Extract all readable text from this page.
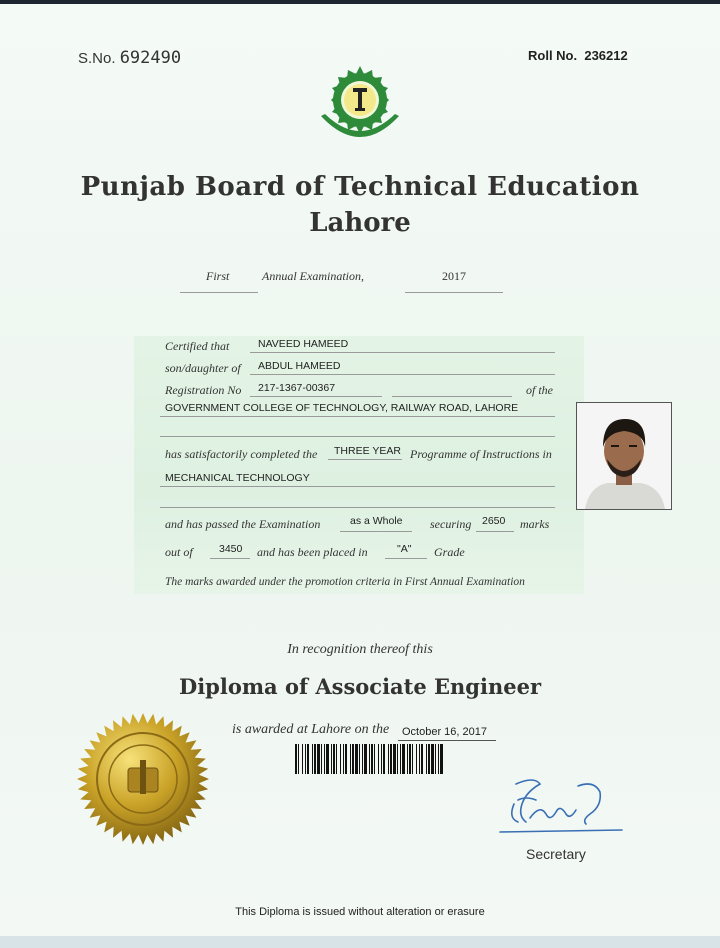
S.No. 692490	Roll No. 236212
Punjab Board of Technical Education
Lahore
First	Annual Examination,	2017
Certified that	NAVEED HAMEED
son/daughter of ABDUL HAMEED
Registration No 217-1367-00367	of the
GOVERNMENT COLLEGE OF TECHNOLOGY, RAILWAY ROAD, LAHORE
has satisfactorily completed the THREE YEAR Programme of Instructions in
MECHANICAL TECHNOLOGY
and has passed the Examination	as a Whole securing 2650 marks
out of	3450 and has been placed in	"A" Grade
The marks awarded under the promotion criteria in First Annual Examination
In recognition thereof this
Diploma of Associate Engineer
is awarded at Lahore on the October 16, 2017
Secretary
This Diploma is issued without alteration or erasure
